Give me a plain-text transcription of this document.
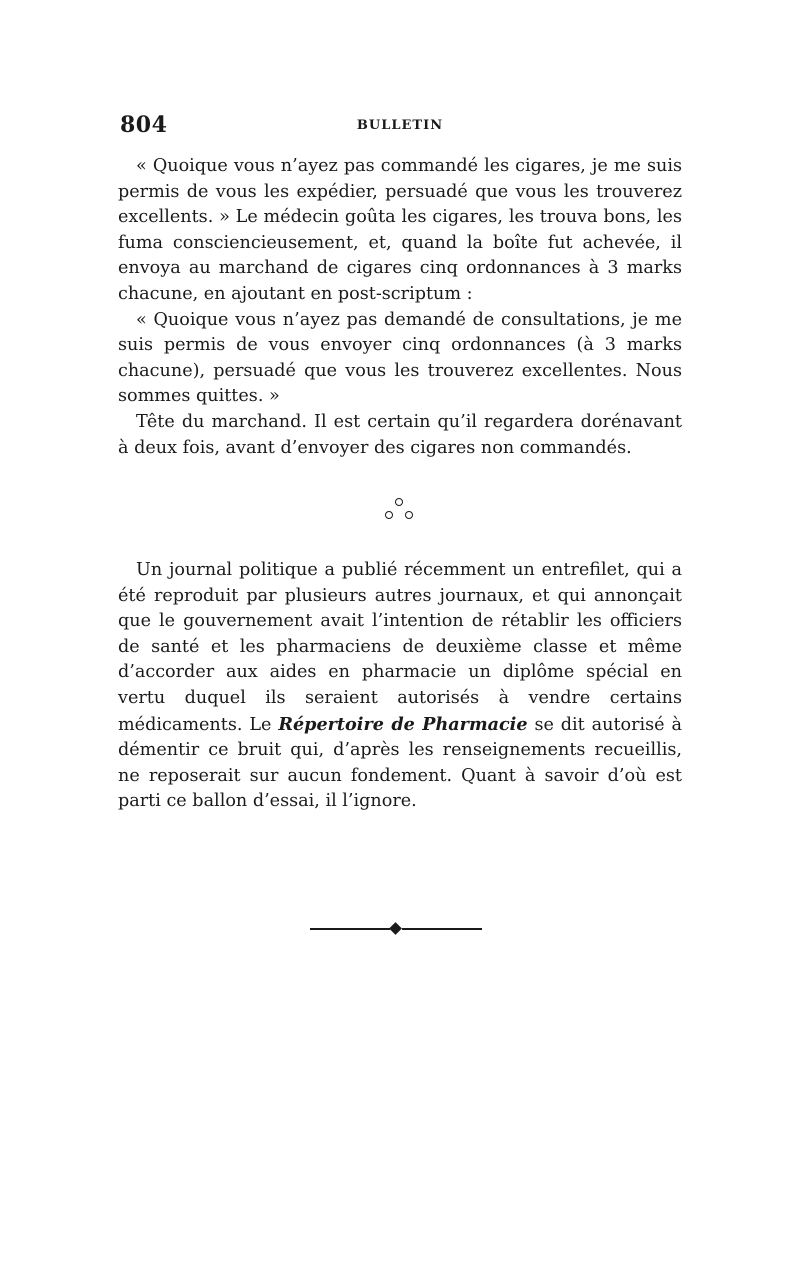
804	BULLETIN

« Quoique vous n’ayez pas commandé les cigares, je me suis permis de vous les expédier, persuadé que vous les trouverez excellents. » Le médecin goûta les cigares, les trouva bons, les fuma consciencieusement, et, quand la boîte fut achevée, il envoya au marchand de cigares cinq ordonnances à 3 marks chacune, en ajoutant en post-scriptum :

« Quoique vous n’ayez pas demandé de consultations, je me suis permis de vous envoyer cinq ordonnances (à 3 marks chacune), persuadé que vous les trouverez excellentes. Nous sommes quittes. »

Tête du marchand. Il est certain qu’il regardera dorénavant à deux fois, avant d’envoyer des cigares non commandés.

Un journal politique a publié récemment un entrefilet, qui a été reproduit par plusieurs autres journaux, et qui annonçait que le gouvernement avait l’intention de rétablir les officiers de santé et les pharmaciens de deuxième classe et même d’accorder aux aides en pharmacie un diplôme spécial en vertu duquel ils seraient autorisés à vendre certains médicaments. Le Répertoire de Pharmacie se dit autorisé à démentir ce bruit qui, d’après les renseignements recueillis, ne reposerait sur aucun fondement. Quant à savoir d’où est parti ce ballon d’essai, il l’ignore.
